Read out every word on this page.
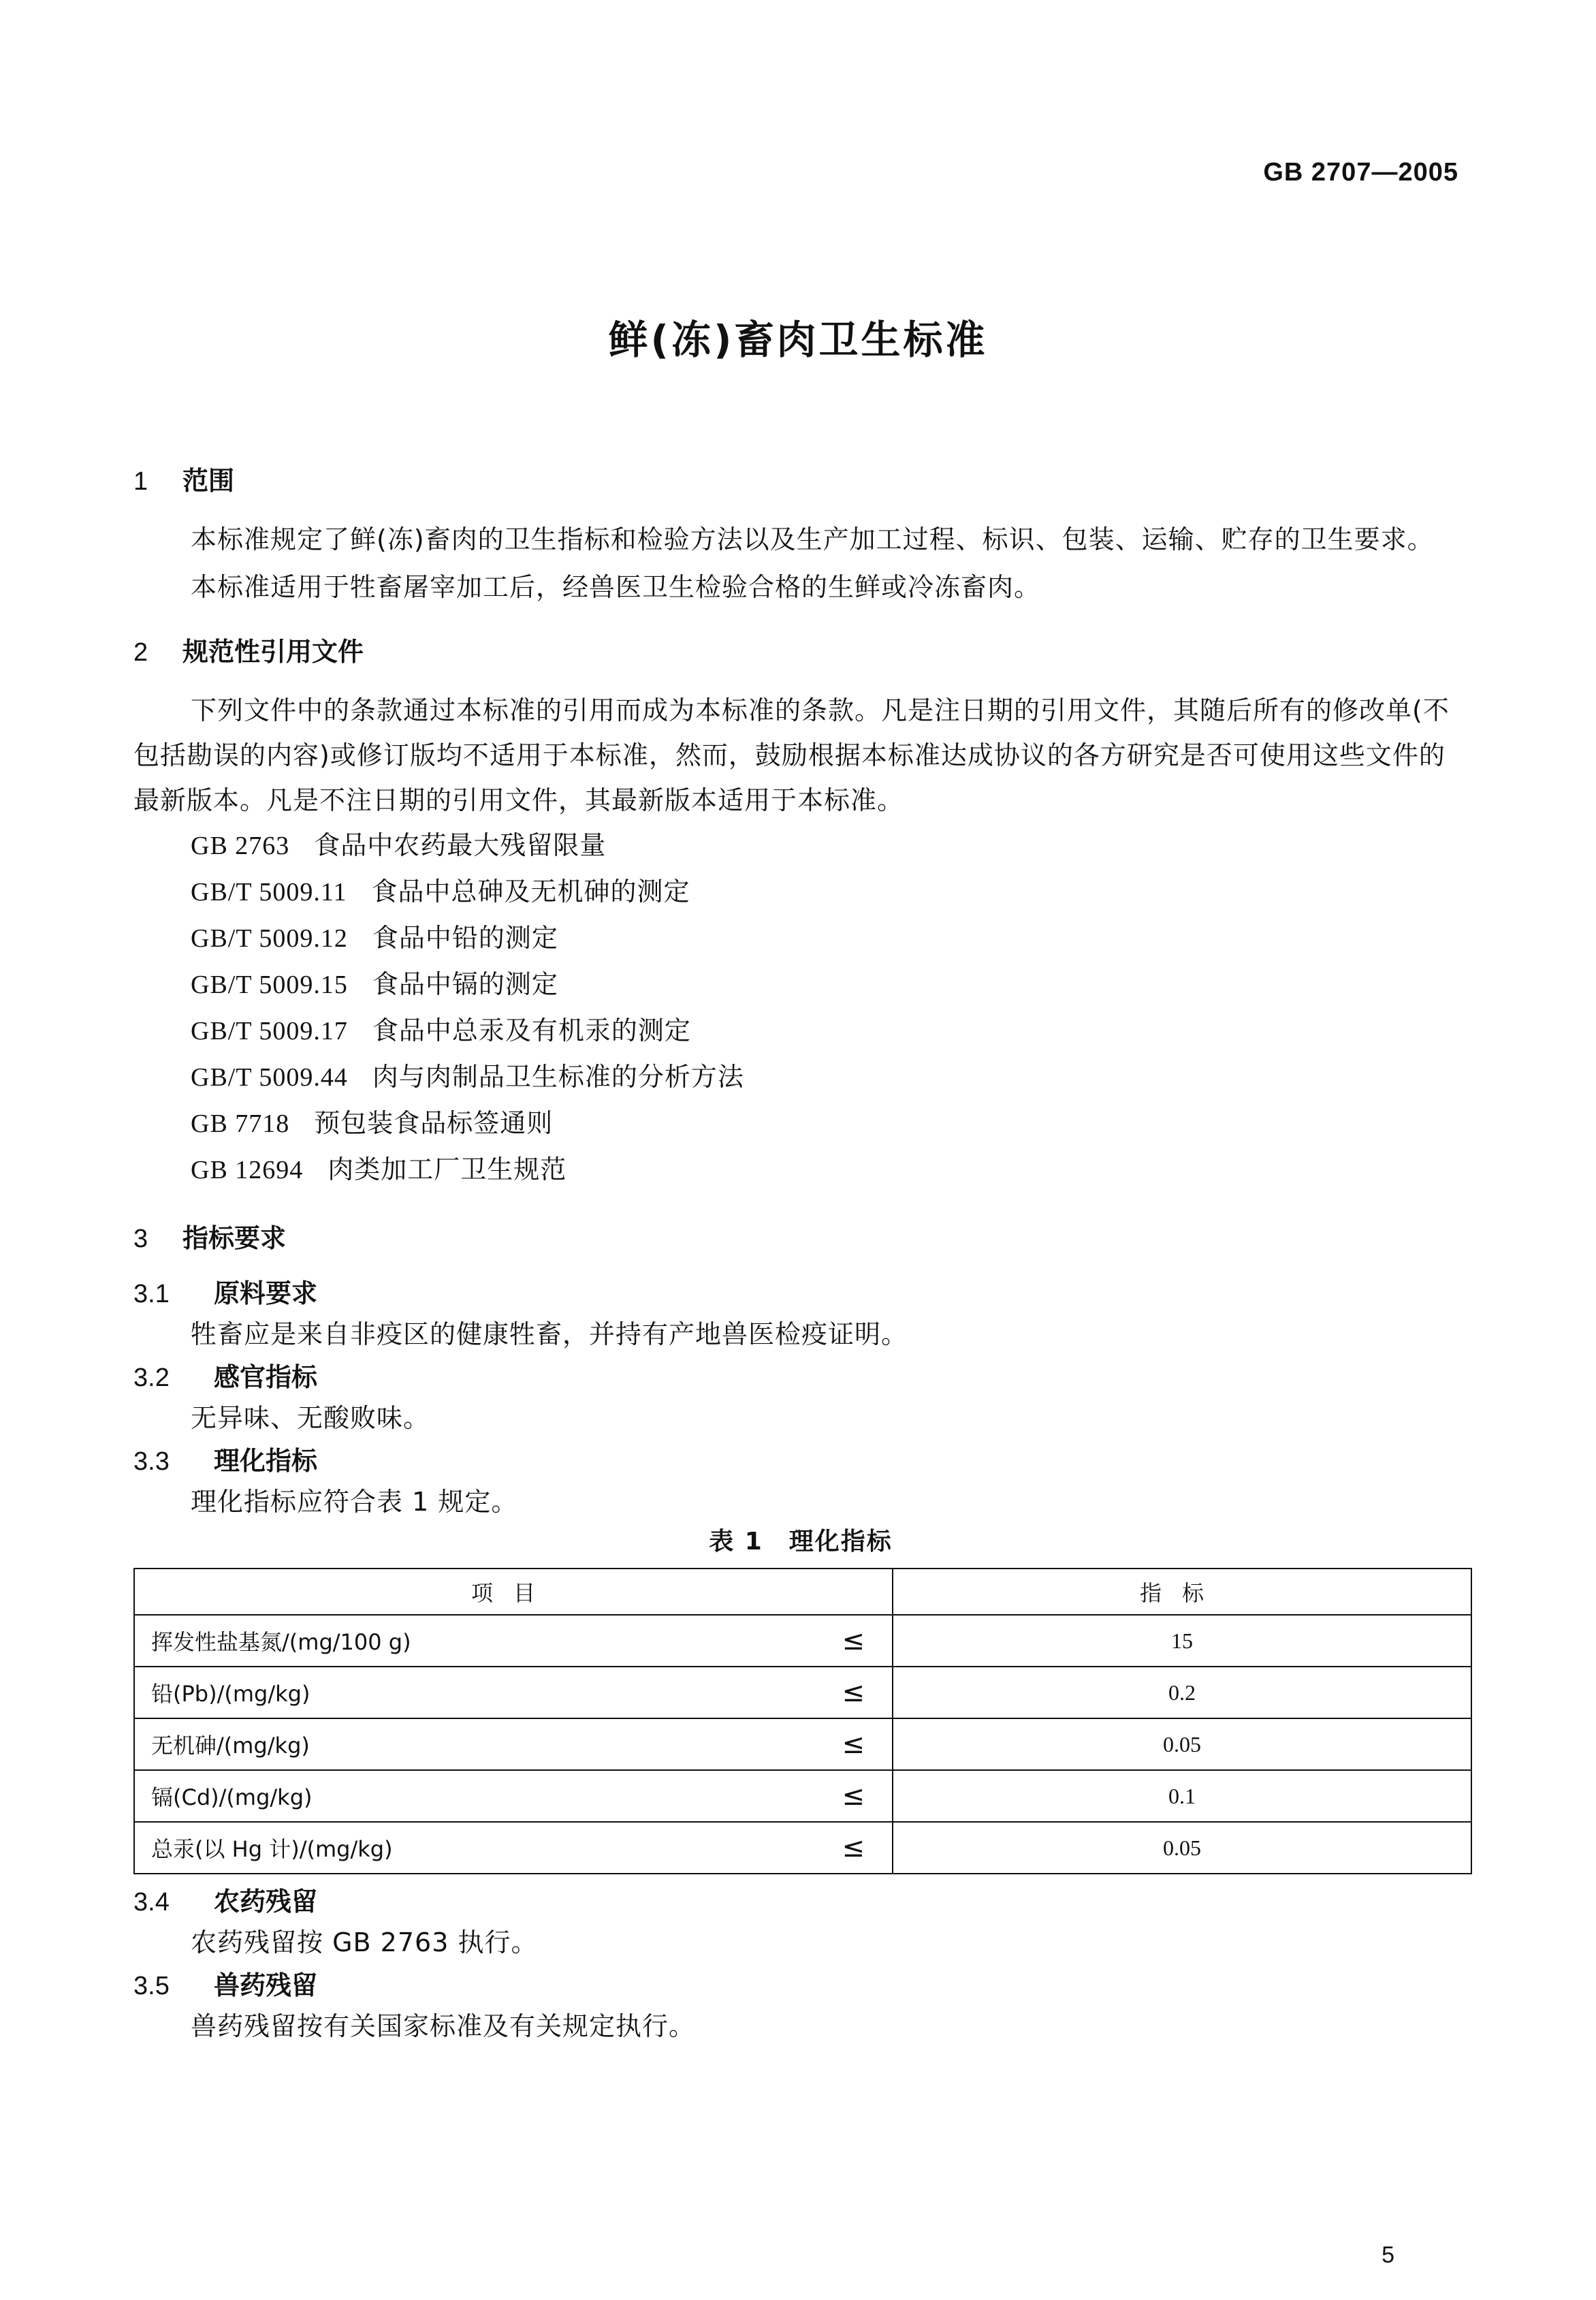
GB 2707—2005
鲜(冻)畜肉卫生标准
1 范围

本标准规定了鲜(冻)畜肉的卫生指标和检验方法以及生产加工过程、标识、包装、运输、贮存的卫生要求。

本标准适用于牲畜屠宰加工后，经兽医卫生检验合格的生鲜或冷冻畜肉。

2 规范性引用文件

下列文件中的条款通过本标准的引用而成为本标准的条款。凡是注日期的引用文件，其随后所有的修改单(不包括勘误的内容)或修订版均不适用于本标准，然而，鼓励根据本标准达成协议的各方研究是否可使用这些文件的最新版本。凡是不注日期的引用文件，其最新版本适用于本标准。

GB 2763 食品中农药最大残留限量
GB/T 5009.11 食品中总砷及无机砷的测定
GB/T 5009.12 食品中铅的测定
GB/T 5009.15 食品中镉的测定
GB/T 5009.17 食品中总汞及有机汞的测定
GB/T 5009.44 肉与肉制品卫生标准的分析方法
GB 7718 预包装食品标签通则
GB 12694 肉类加工厂卫生规范
3 指标要求
3.1 原料要求

牲畜应是来自非疫区的健康牲畜，并持有产地兽医检疫证明。

3.2 感官指标

无异味、无酸败味。

3.3 理化指标

理化指标应符合表 1 规定。

表 1　理化指标

项目		指标
挥发性盐基氮/(mg/100 g)	≤	15
铅(Pb)/(mg/kg)	≤	0.2
无机砷/(mg/kg)	≤	0.05
镉(Cd)/(mg/kg)	≤	0.1
总汞(以 Hg 计)/(mg/kg)	≤	0.05
3.4 农药残留

农药残留按 GB 2763 执行。

3.5 兽药残留

兽药残留按有关国家标准及有关规定执行。

5
